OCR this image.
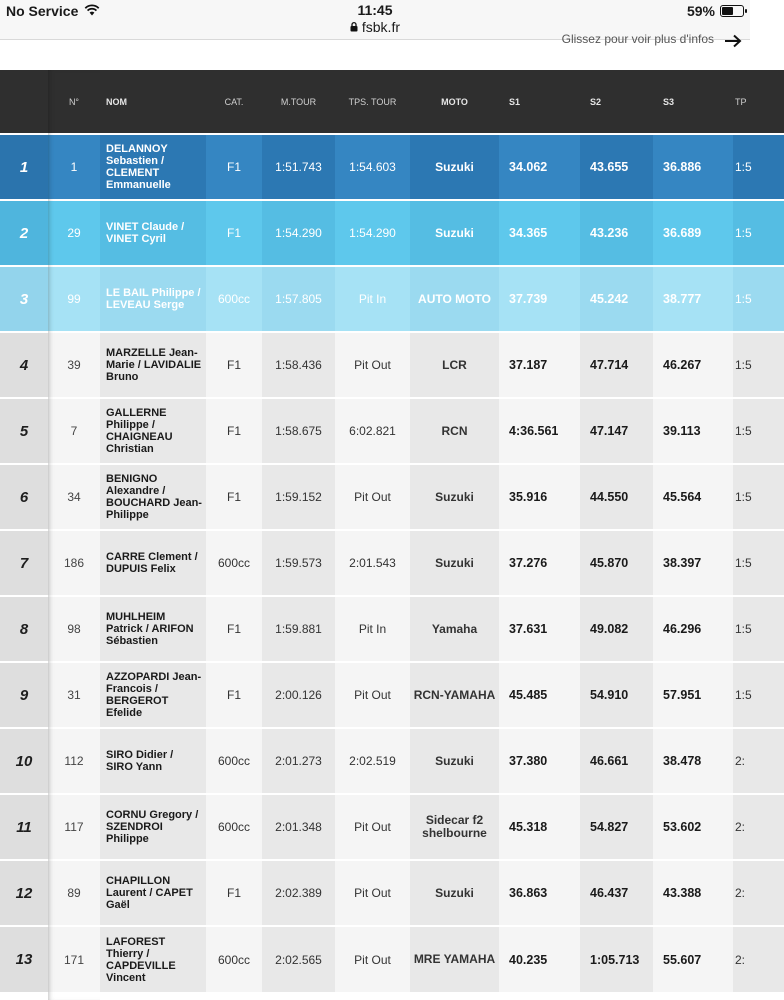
No Service	11:45
fsbk.fr
59%
Glissez pour voir plus d'infos
	N°	NOM	CAT.	M.TOUR	TPS. TOUR	MOTO	S1	S2	S3	TP
1	1	DELANNOY Sebastien / CLEMENT Emmanuelle	F1	1:51.743	1:54.603	Suzuki	34.062	43.655	36.886	1:5
2	29	VINET Claude / VINET Cyril	F1	1:54.290	1:54.290	Suzuki	34.365	43.236	36.689	1:5
3	99	LE BAIL Philippe / LEVEAU Serge	600cc	1:57.805	Pit In	AUTO MOTO	37.739	45.242	38.777	1:5
4	39	MARZELLE Jean-Marie / LAVIDALIE Bruno	F1	1:58.436	Pit Out	LCR	37.187	47.714	46.267	1:5
5	7	GALLERNE Philippe / CHAIGNEAU Christian	F1	1:58.675	6:02.821	RCN	4:36.561	47.147	39.113	1:5
6	34	BENIGNO Alexandre / BOUCHARD Jean-Philippe	F1	1:59.152	Pit Out	Suzuki	35.916	44.550	45.564	1:5
7	186	CARRE Clement / DUPUIS Felix	600cc	1:59.573	2:01.543	Suzuki	37.276	45.870	38.397	1:5
8	98	MUHLHEIM Patrick / ARIFON Sébastien	F1	1:59.881	Pit In	Yamaha	37.631	49.082	46.296	1:5
9	31	AZZOPARDI Jean-Francois / BERGEROT Efelide	F1	2:00.126	Pit Out	RCN-YAMAHA	45.485	54.910	57.951	1:5
10	112	SIRO Didier / SIRO Yann	600cc	2:01.273	2:02.519	Suzuki	37.380	46.661	38.478	2:
11	117	CORNU Gregory / SZENDROI Philippe	600cc	2:01.348	Pit Out	Sidecar f2 shelbourne	45.318	54.827	53.602	2:
12	89	CHAPILLON Laurent / CAPET Gaël	F1	2:02.389	Pit Out	Suzuki	36.863	46.437	43.388	2:
13	171	LAFOREST Thierry / CAPDEVILLE Vincent	600cc	2:02.565	Pit Out	MRE YAMAHA	40.235	1:05.713	55.607	2:
